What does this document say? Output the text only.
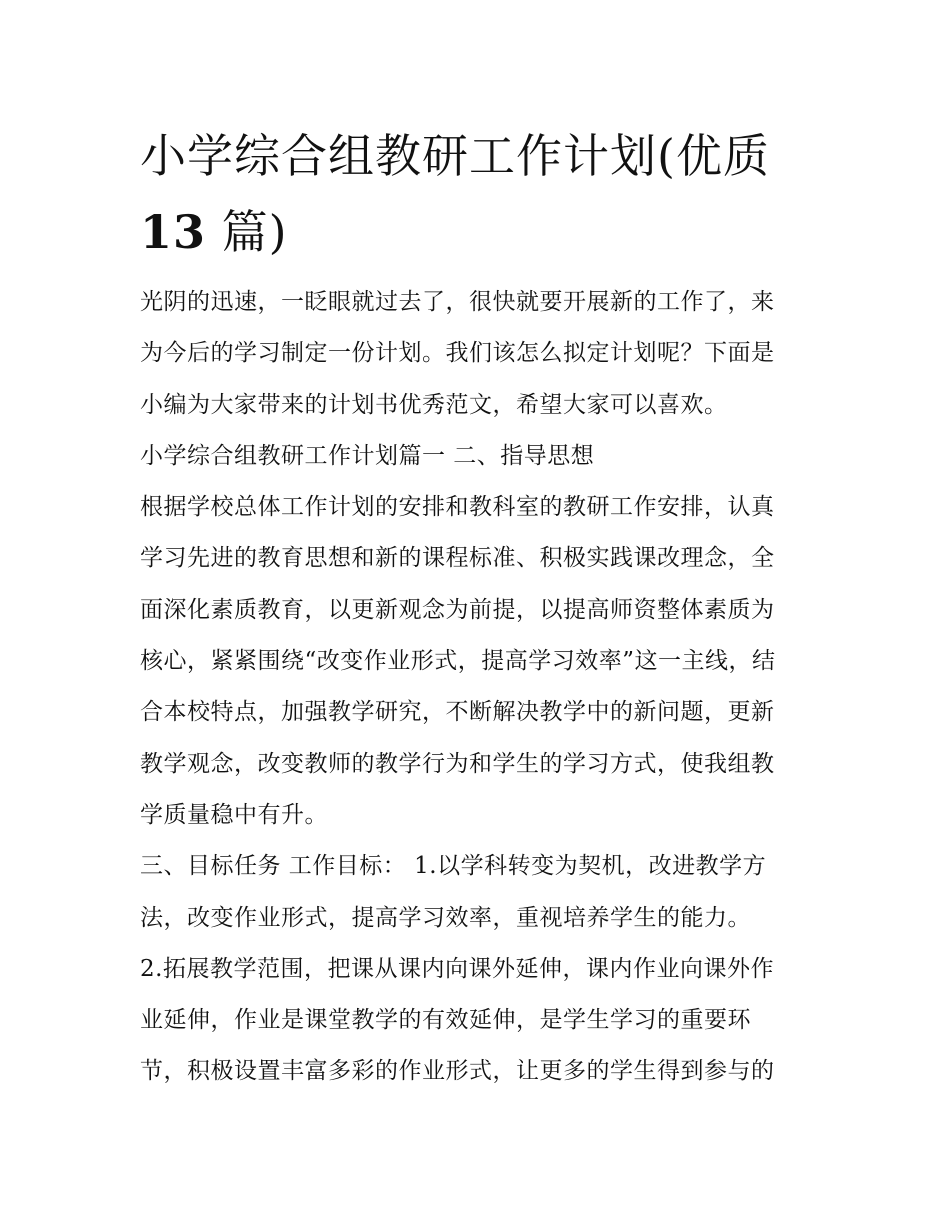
小学综合组教研工作计划(优质
13 篇)
光阴的迅速，一眨眼就过去了，很快就要开展新的工作了，来
为今后的学习制定一份计划。我们该怎么拟定计划呢？下面是
小编为大家带来的计划书优秀范文，希望大家可以喜欢。
小学综合组教研工作计划篇一 二、指导思想
根据学校总体工作计划的安排和教科室的教研工作安排，认真
学习先进的教育思想和新的课程标准、积极实践课改理念，全
面深化素质教育，以更新观念为前提，以提高师资整体素质为
核心，紧紧围绕“改变作业形式，提高学习效率”这一主线，结
合本校特点，加强教学研究，不断解决教学中的新问题，更新
教学观念，改变教师的教学行为和学生的学习方式，使我组教
学质量稳中有升。
三、目标任务 工作目标： 1.以学科转变为契机，改进教学方
法，改变作业形式，提高学习效率，重视培养学生的能力。
2.拓展教学范围，把课从课内向课外延伸，课内作业向课外作
业延伸，作业是课堂教学的有效延伸，是学生学习的重要环
节，积极设置丰富多彩的作业形式，让更多的学生得到参与的
